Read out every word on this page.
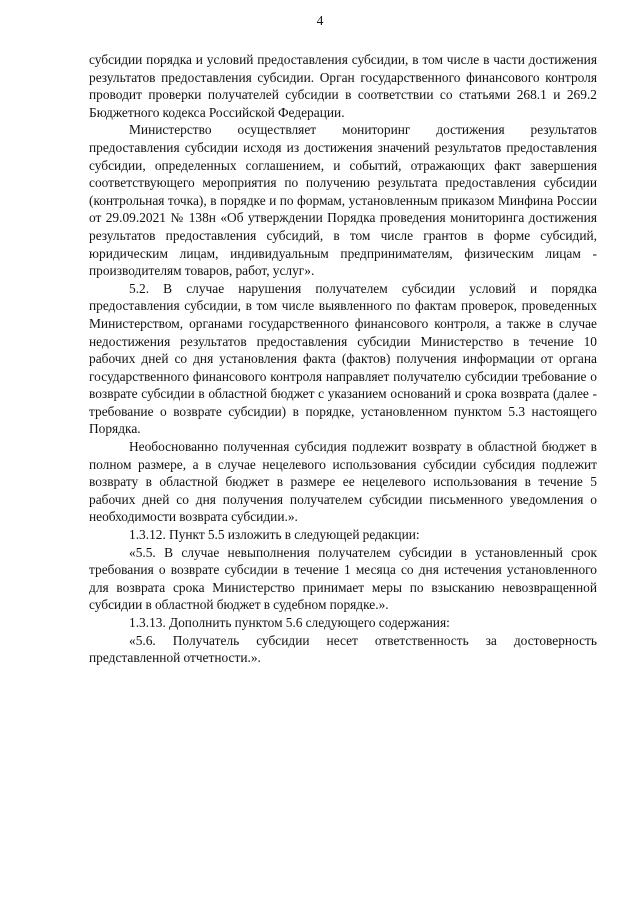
4

субсидии порядка и условий предоставления субсидии, в том числе в части достижения результатов предоставления субсидии. Орган государственного финансового контроля проводит проверки получателей субсидии в соответствии со статьями 268.1 и 269.2 Бюджетного кодекса Российской Федерации.

Министерство осуществляет мониторинг достижения результатов предоставления субсидии исходя из достижения значений результатов предоставления субсидии, определенных соглашением, и событий, отражающих факт завершения соответствующего мероприятия по получению результата предоставления субсидии (контрольная точка), в порядке и по формам, установленным приказом Минфина России от 29.09.2021 № 138н «Об утверждении Порядка проведения мониторинга достижения результатов предоставления субсидий, в том числе грантов в форме субсидий, юридическим лицам, индивидуальным предпринимателям, физическим лицам - производителям товаров, работ, услуг».

5.2. В случае нарушения получателем субсидии условий и порядка предоставления субсидии, в том числе выявленного по фактам проверок, проведенных Министерством, органами государственного финансового контроля, а также в случае недостижения результатов предоставления субсидии Министерство в течение 10 рабочих дней со дня установления факта (фактов) получения информации от органа государственного финансового контроля направляет получателю субсидии требование о возврате субсидии в областной бюджет с указанием оснований и срока возврата (далее - требование о возврате субсидии) в порядке, установленном пунктом 5.3 настоящего Порядка.

Необоснованно полученная субсидия подлежит возврату в областной бюджет в полном размере, а в случае нецелевого использования субсидии субсидия подлежит возврату в областной бюджет в размере ее нецелевого использования в течение 5 рабочих дней со дня получения получателем субсидии письменного уведомления о необходимости возврата субсидии.».

1.3.12. Пункт 5.5 изложить в следующей редакции:

«5.5. В случае невыполнения получателем субсидии в установленный срок требования о возврате субсидии в течение 1 месяца со дня истечения установленного для возврата срока Министерство принимает меры по взысканию невозвращенной субсидии в областной бюджет в судебном порядке.».

1.3.13. Дополнить пунктом 5.6 следующего содержания:

«5.6. Получатель субсидии несет ответственность за достоверность представленной отчетности.».
